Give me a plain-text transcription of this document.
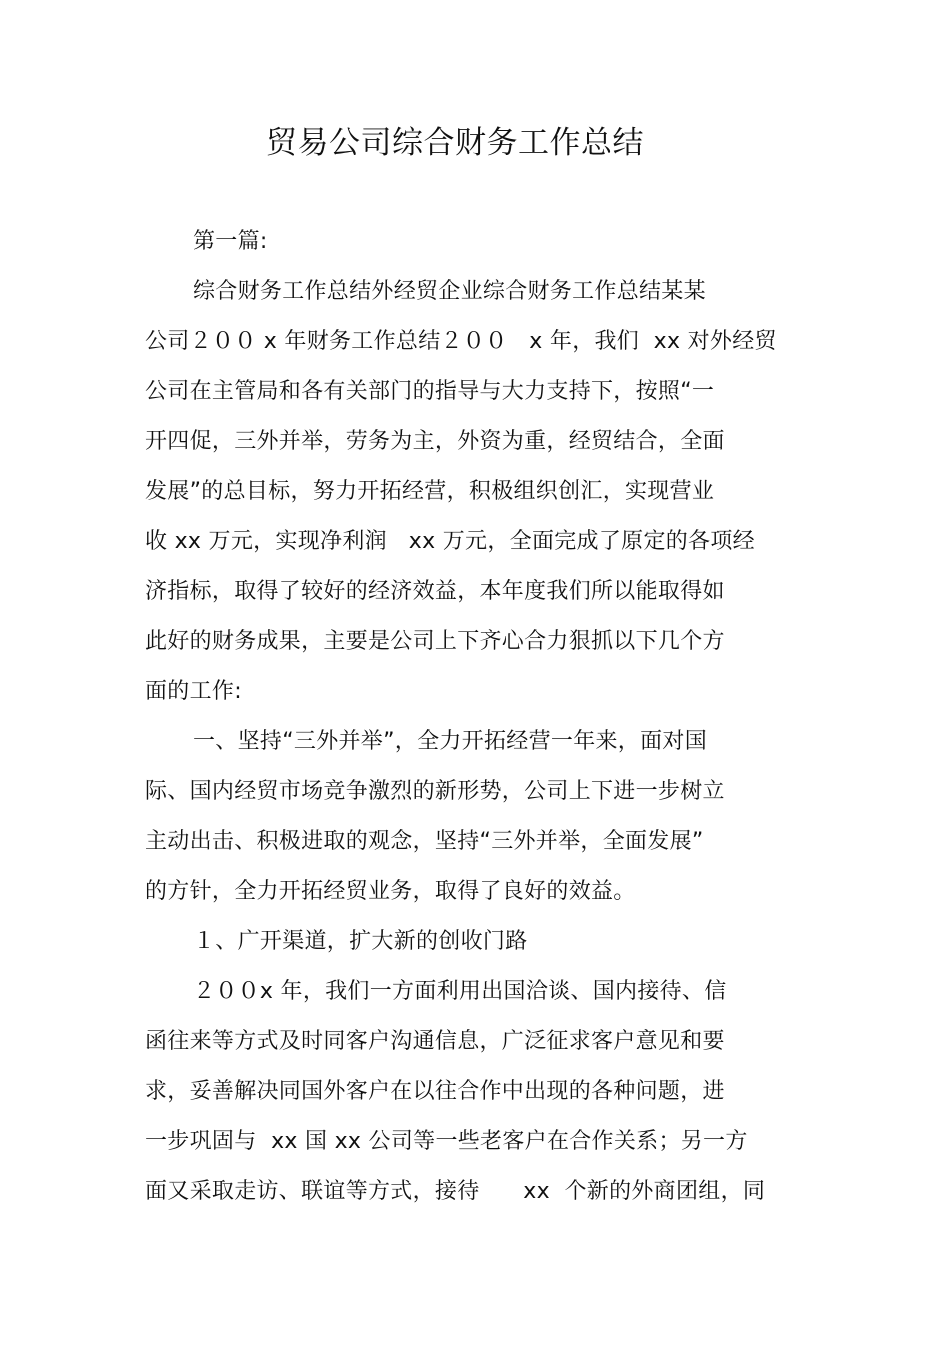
贸易公司综合财务工作总结
第一篇:
综合财务工作总结外经贸企业综合财务工作总结某某
公司２００ x 年财务工作总结２００   x 年，我们  xx 对外经贸
公司在主管局和各有关部门的指导与大力支持下，按照“一
开四促，三外并举，劳务为主，外资为重，经贸结合，全面
发展”的总目标，努力开拓经营，积极组织创汇，实现营业
收 xx 万元，实现净利润   xx 万元，全面完成了原定的各项经
济指标，取得了较好的经济效益，本年度我们所以能取得如
此好的财务成果，主要是公司上下齐心合力狠抓以下几个方
面的工作:
一、坚持“三外并举”，全力开拓经营一年来，面对国
际、国内经贸市场竞争激烈的新形势，公司上下进一步树立
主动出击、积极进取的观念，坚持“三外并举，全面发展”
的方针，全力开拓经贸业务，取得了良好的效益。
１、广开渠道，扩大新的创收门路
２００x 年，我们一方面利用出国洽谈、国内接待、信
函往来等方式及时同客户沟通信息，广泛征求客户意见和要
求，妥善解决同国外客户在以往合作中出现的各种问题，进
一步巩固与  xx 国 xx 公司等一些老客户在合作关系；另一方
面又采取走访、联谊等方式，接待      xx  个新的外商团组，同
